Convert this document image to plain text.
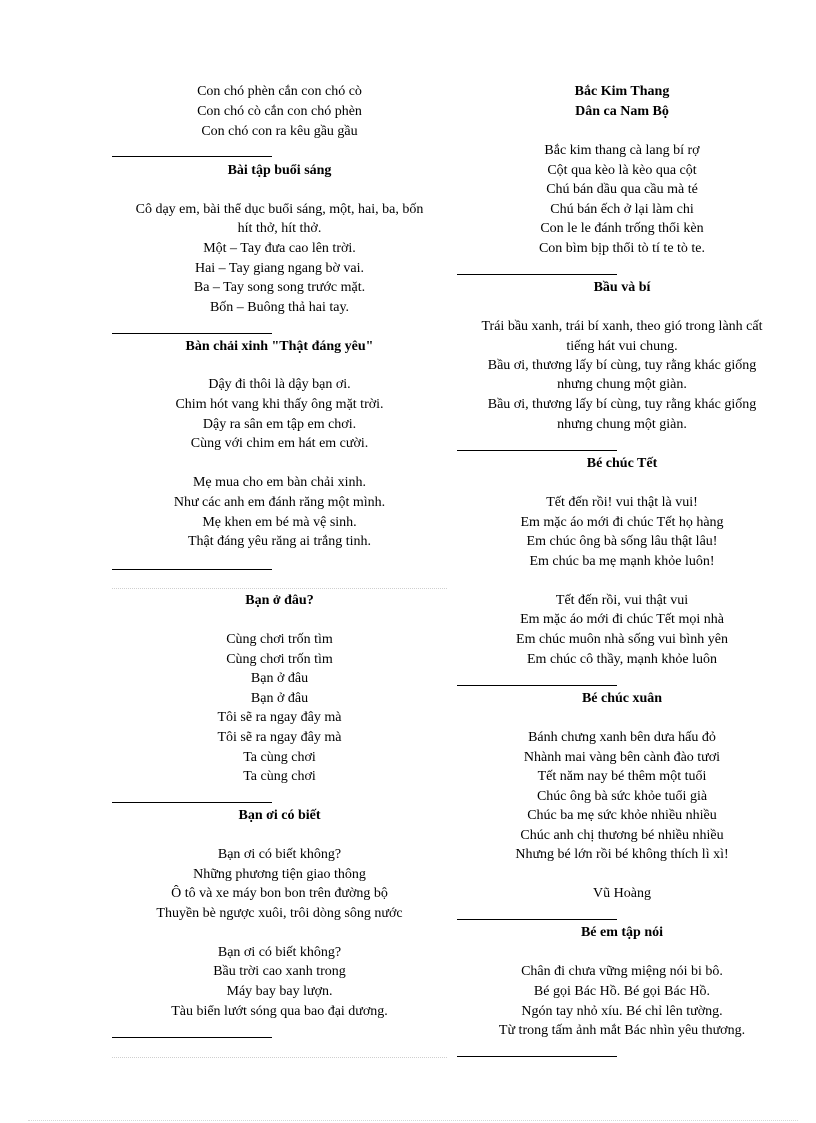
Con chó phèn cắn con chó cò
Con chó cò cắn con chó phèn
Con chó con ra kêu gầu gầu
Bài tập buổi sáng
Cô dạy em, bài thể dục buổi sáng, một, hai, ba, bốn
hít thở, hít thở.
Một – Tay đưa cao lên trời.
Hai – Tay giang ngang bờ vai.
Ba – Tay song song trước mặt.
Bốn – Buông thả hai tay.
Bàn chải xinh "Thật đáng yêu"
Dậy đi thôi là dậy bạn ơi.
Chim hót vang khi thấy ông mặt trời.
Dậy ra sân em tập em chơi.
Cùng với chim em hát em cười.
Mẹ mua cho em bàn chải xinh.
Như các anh em đánh răng một mình.
Mẹ khen em bé mà vệ sinh.
Thật đáng yêu răng ai trắng tinh.
Bạn ở đâu?
Cùng chơi trốn tìm
Cùng chơi trốn tìm
Bạn ở đâu
Bạn ở đâu
Tôi sẽ ra ngay đây mà
Tôi sẽ ra ngay đây mà
Ta cùng chơi
Ta cùng chơi
Bạn ơi có biết
Bạn ơi có biết không?
Những phương tiện giao thông
Ô tô và xe máy bon bon trên đường bộ
Thuyền bè ngược xuôi, trôi dòng sông nước
Bạn ơi có biết không?
Bầu trời cao xanh trong
Máy bay bay lượn.
Tàu biển lướt sóng qua bao đại dương.
Bắc Kim Thang
Dân ca Nam Bộ
Bắc kim thang cà lang bí rợ
Cột qua kèo là kèo qua cột
Chú bán dầu qua cầu mà té
Chú bán ếch ở lại làm chi
Con le le đánh trống thổi kèn
Con bìm bịp thổi tò tí te tò te.
Bầu và bí
Trái bầu xanh, trái bí xanh, theo gió trong lành cất
tiếng hát vui chung.
Bầu ơi, thương lấy bí cùng, tuy rằng khác giống
nhưng chung một giàn.
Bầu ơi, thương lấy bí cùng, tuy rằng khác giống
nhưng chung một giàn.
Bé chúc Tết
Tết đến rồi! vui thật là vui!
Em mặc áo mới đi chúc Tết họ hàng
Em chúc ông bà sống lâu thật lâu!
Em chúc ba mẹ mạnh khỏe luôn!
Tết đến rồi, vui thật vui
Em mặc áo mới đi chúc Tết mọi nhà
Em chúc muôn nhà sống vui bình yên
Em chúc cô thầy, mạnh khỏe luôn
Bé chúc xuân
Bánh chưng xanh bên dưa hấu đỏ
Nhành mai vàng bên cành đào tươi
Tết năm nay bé thêm một tuổi
Chúc ông bà sức khỏe tuổi già
Chúc ba mẹ sức khỏe nhiều nhiều
Chúc anh chị thương bé nhiều nhiều
Nhưng bé lớn rồi bé không thích lì xì!
Vũ Hoàng
Bé em tập nói
Chân đi chưa vững miệng nói bi bô.
Bé gọi Bác Hồ. Bé gọi Bác Hồ.
Ngón tay nhỏ xíu. Bé chỉ lên tường.
Từ trong tấm ảnh mắt Bác nhìn yêu thương.
